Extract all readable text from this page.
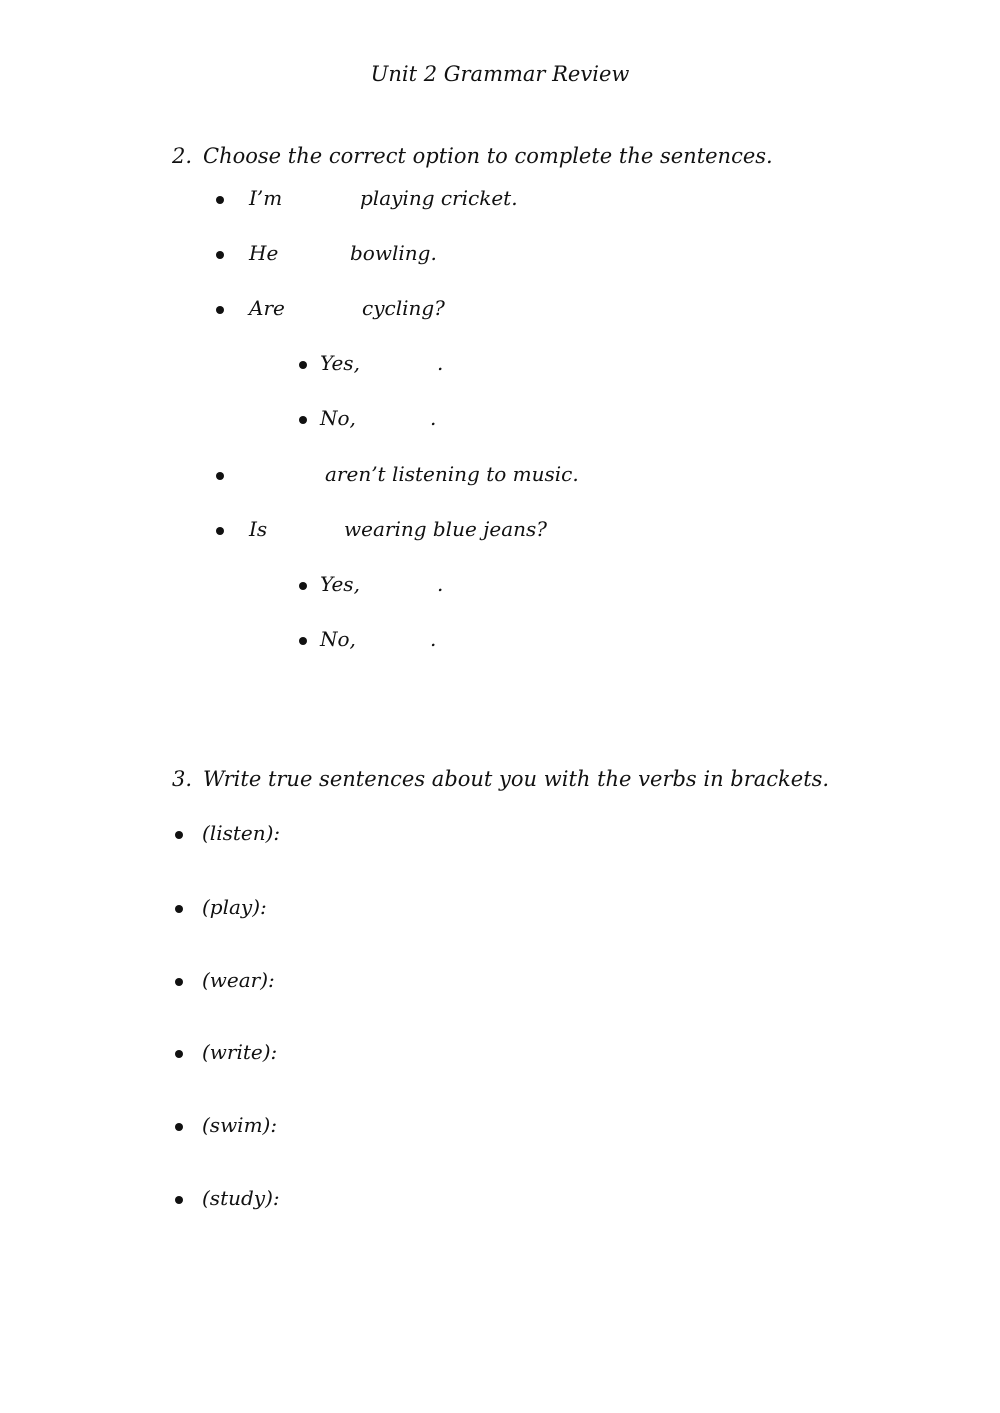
Unit 2 Grammar Review
2. Choose the correct option to complete the sentences.
I’m	playing cricket.
He	bowling.
Are	cycling?
Yes,	.
No,	.
aren’t listening to music.
Is	wearing blue jeans?
Yes,	.
No,	.
3. Write true sentences about you with the verbs in brackets.
(listen):
(play):
(wear):
(write):
(swim):
(study):
